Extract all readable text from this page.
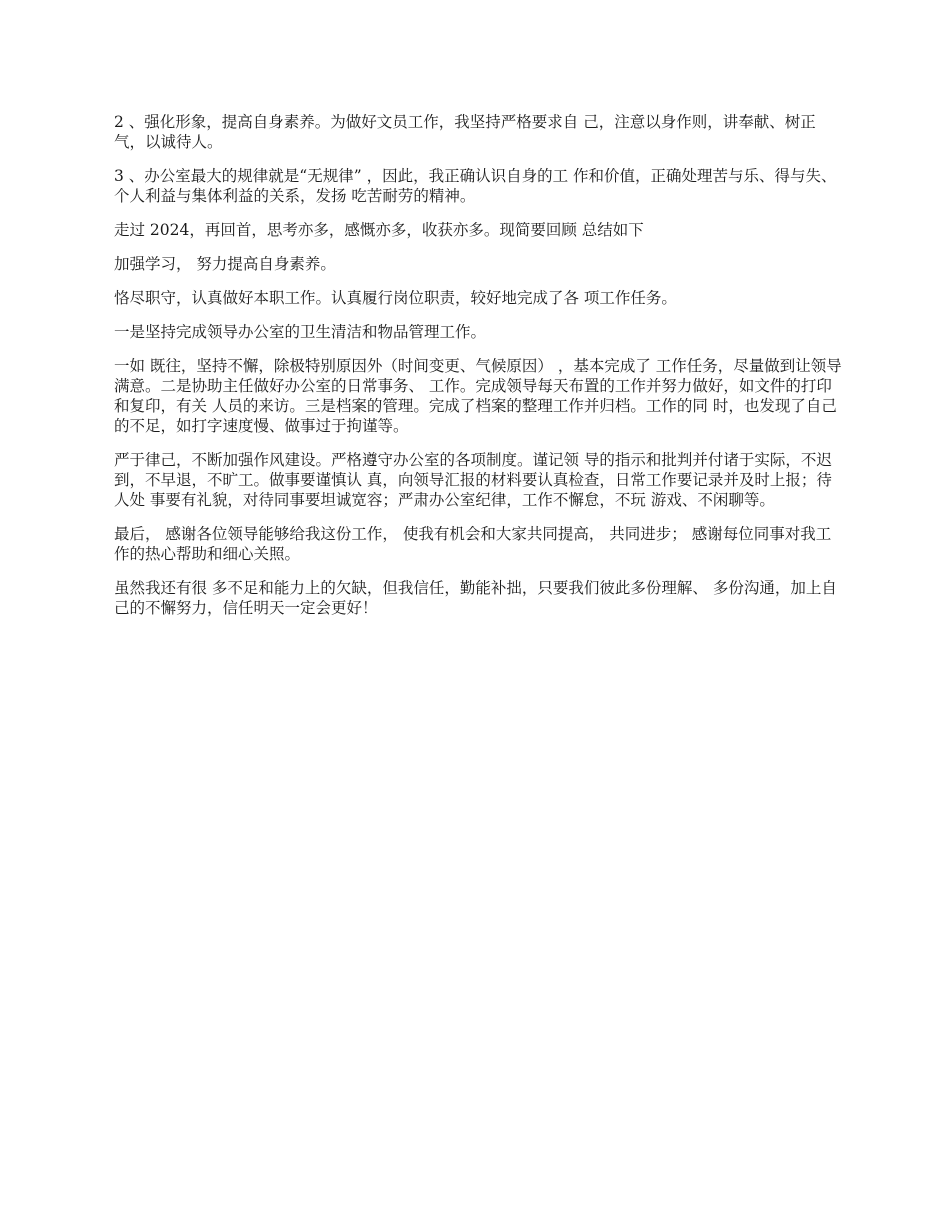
2 、强化形象，提高自身素养。为做好文员工作，我坚持严格要求自 己，注意以身作则，讲奉献、树正气，以诚待人。

3 、办公室最大的规律就是“无规律” ，因此，我正确认识自身的工 作和价值，正确处理苦与乐、得与失、个人利益与集体利益的关系，发扬 吃苦耐劳的精神。

走过 2024，再回首，思考亦多，感慨亦多，收获亦多。现简要回顾 总结如下

加强学习， 努力提高自身素养。

恪尽职守，认真做好本职工作。认真履行岗位职责，较好地完成了各 项工作任务。

一是坚持完成领导办公室的卫生清洁和物品管理工作。

一如 既往，坚持不懈，除极特别原因外（时间变更、气候原因） ，基本完成了 工作任务，尽量做到让领导满意。二是协助主任做好办公室的日常事务、 工作。完成领导每天布置的工作并努力做好，如文件的打印和复印，有关 人员的来访。三是档案的管理。完成了档案的整理工作并归档。工作的同 时，也发现了自己的不足，如打字速度慢、做事过于拘谨等。

严于律己，不断加强作风建设。严格遵守办公室的各项制度。谨记领 导的指示和批判并付诸于实际，不迟到，不早退，不旷工。做事要谨慎认 真，向领导汇报的材料要认真检查，日常工作要记录并及时上报；待人处 事要有礼貌，对待同事要坦诚宽容；严肃办公室纪律，工作不懈怠，不玩 游戏、不闲聊等。

最后， 感谢各位领导能够给我这份工作， 使我有机会和大家共同提高， 共同进步； 感谢每位同事对我工作的热心帮助和细心关照。

虽然我还有很 多不足和能力上的欠缺，但我信任，勤能补拙，只要我们彼此多份理解、 多份沟通，加上自己的不懈努力，信任明天一定会更好！
